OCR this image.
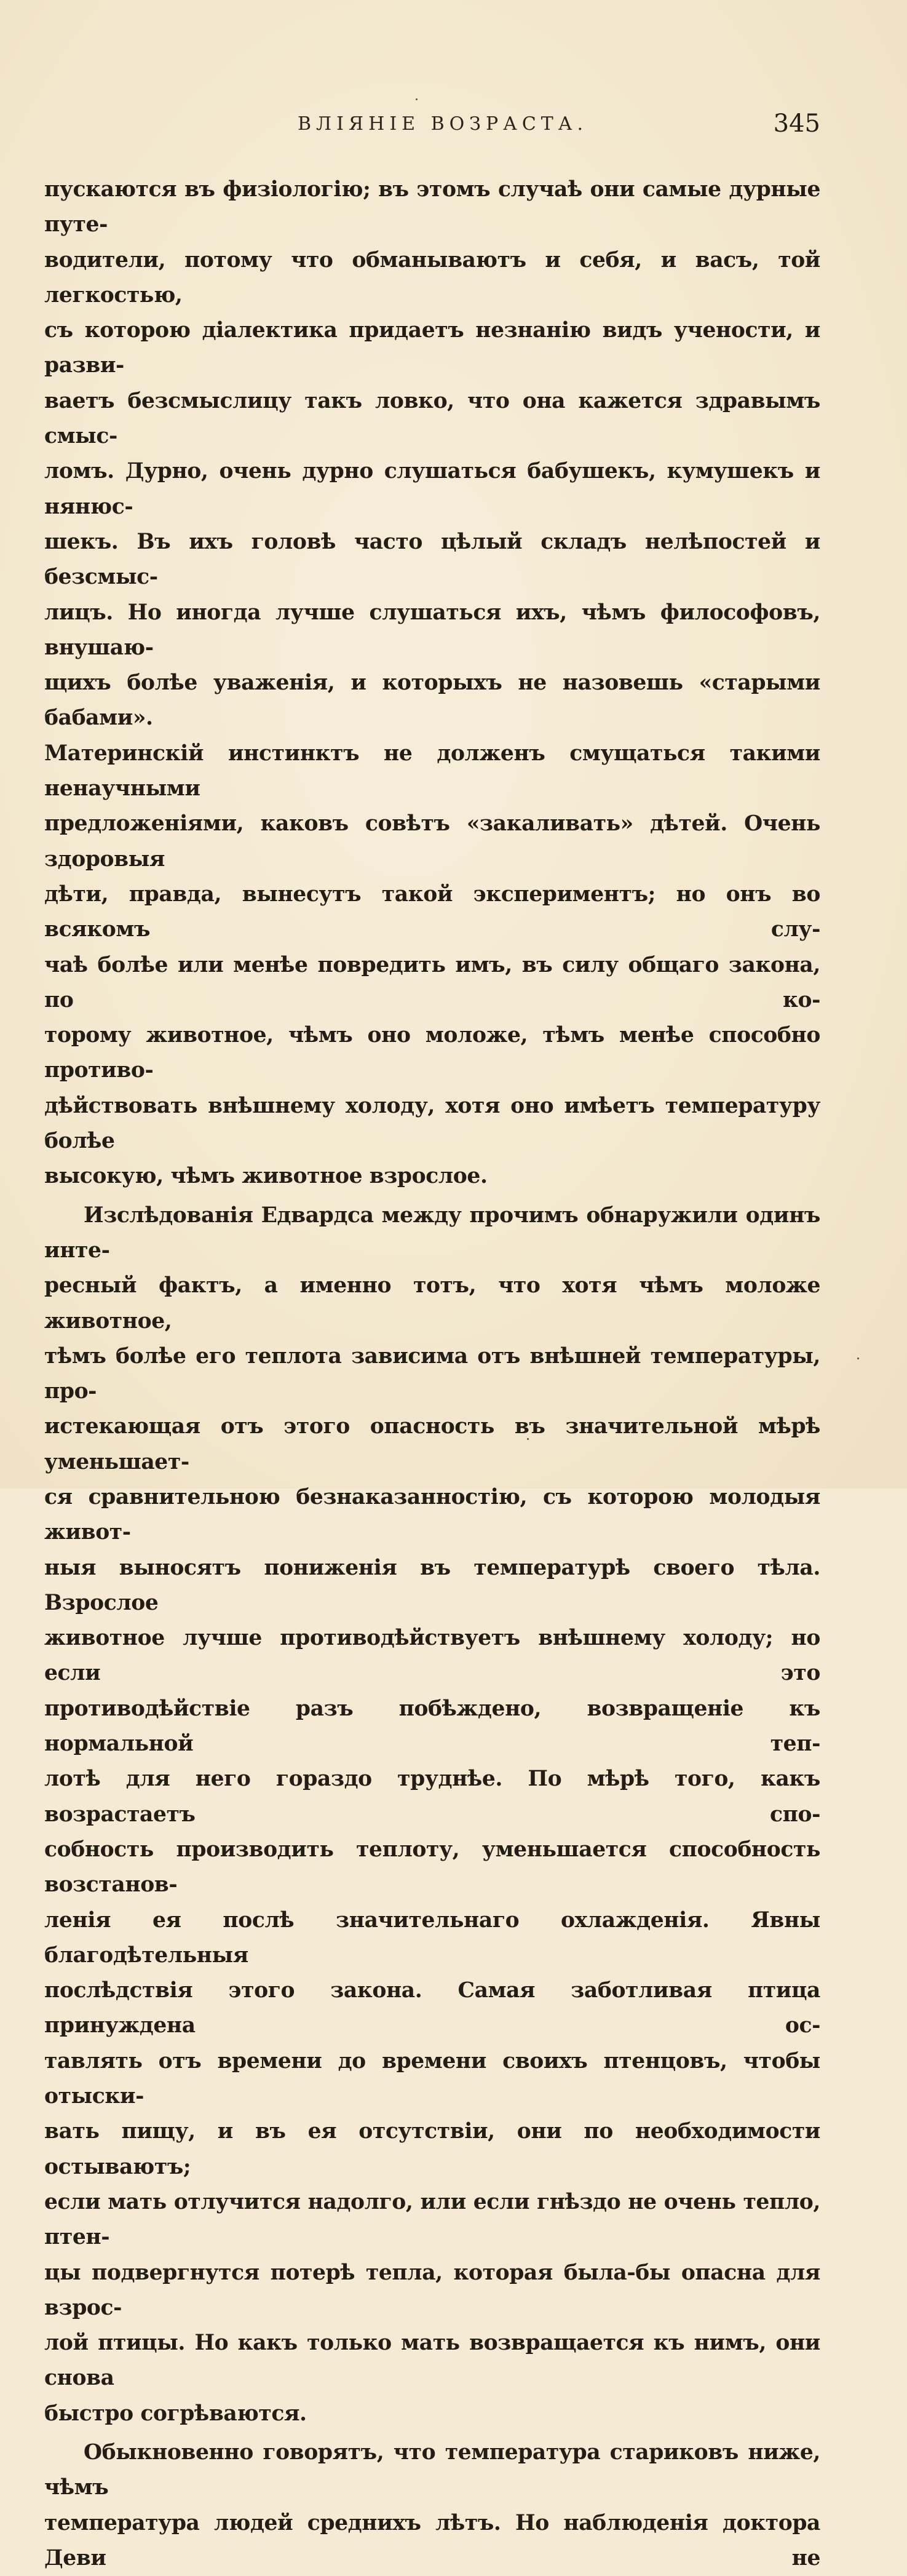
ВЛІЯНІЕ ВОЗРАСТА.	345

пускаются въ физіологію; въ этомъ случаѣ они самые дурные путе-

водители, потому что обманываютъ и себя, и васъ, той легкостью,

съ которою діалектика придаетъ незнанію видъ учености, и разви-

ваетъ безсмыслицу такъ ловко, что она кажется здравымъ смыс-

ломъ. Дурно, очень дурно слушаться бабушекъ, кумушекъ и нянюс-

шекъ. Въ ихъ головѣ часто цѣлый складъ нелѣпостей и безсмыс-

лицъ. Но иногда лучше слушаться ихъ, чѣмъ философовъ, внушаю-

щихъ болѣе уваженія, и которыхъ не назовешь «старыми бабами».

Материнскій инстинктъ не долженъ смущаться такими ненаучными

предложеніями, каковъ совѣтъ «закаливать» дѣтей. Очень здоровыя

дѣти, правда, вынесутъ такой экспериментъ; но онъ во всякомъ слу-

чаѣ болѣе или менѣе повредить имъ, въ силу общаго закона, по ко-

торому животное, чѣмъ оно моложе, тѣмъ менѣе способно противо-

дѣйствовать внѣшнему холоду, хотя оно имѣетъ температуру болѣе

высокую, чѣмъ животное взрослое.

Изслѣдованія Едвардса между прочимъ обнаружили одинъ инте-

ресный фактъ, а именно тотъ, что хотя чѣмъ моложе животное,

тѣмъ болѣе его теплота зависима отъ внѣшней температуры, про-

истекающая отъ этого опасность въ значительной мѣрѣ уменьшает-

ся сравнительною безнаказанностію, съ которою молодыя живот-

ныя выносятъ пониженія въ температурѣ своего тѣла. Взрослое

животное лучше противодѣйствуетъ внѣшнему холоду; но если это

противодѣйствіе разъ побѣждено, возвращеніе къ нормальной теп-

лотѣ для него гораздо труднѣе. По мѣрѣ того, какъ возрастаетъ спо-

собность производить теплоту, уменьшается способность возстанов-

ленія ея послѣ значительнаго охлажденія. Явны благодѣтельныя

послѣдствія этого закона. Самая заботливая птица принуждена ос-

тавлять отъ времени до времени своихъ птенцовъ, чтобы отыски-

вать пищу, и въ ея отсутствіи, они по необходимости остываютъ;

если мать отлучится надолго, или если гнѣздо не очень тепло, птен-

цы подвергнутся потерѣ тепла, которая была-бы опасна для взрос-

лой птицы. Но какъ только мать возвращается къ нимъ, они снова

быстро согрѣваются.

Обыкновенно говорятъ, что температура стариковъ ниже, чѣмъ

температура людей среднихъ лѣтъ. Но наблюденія доктора Деви не
